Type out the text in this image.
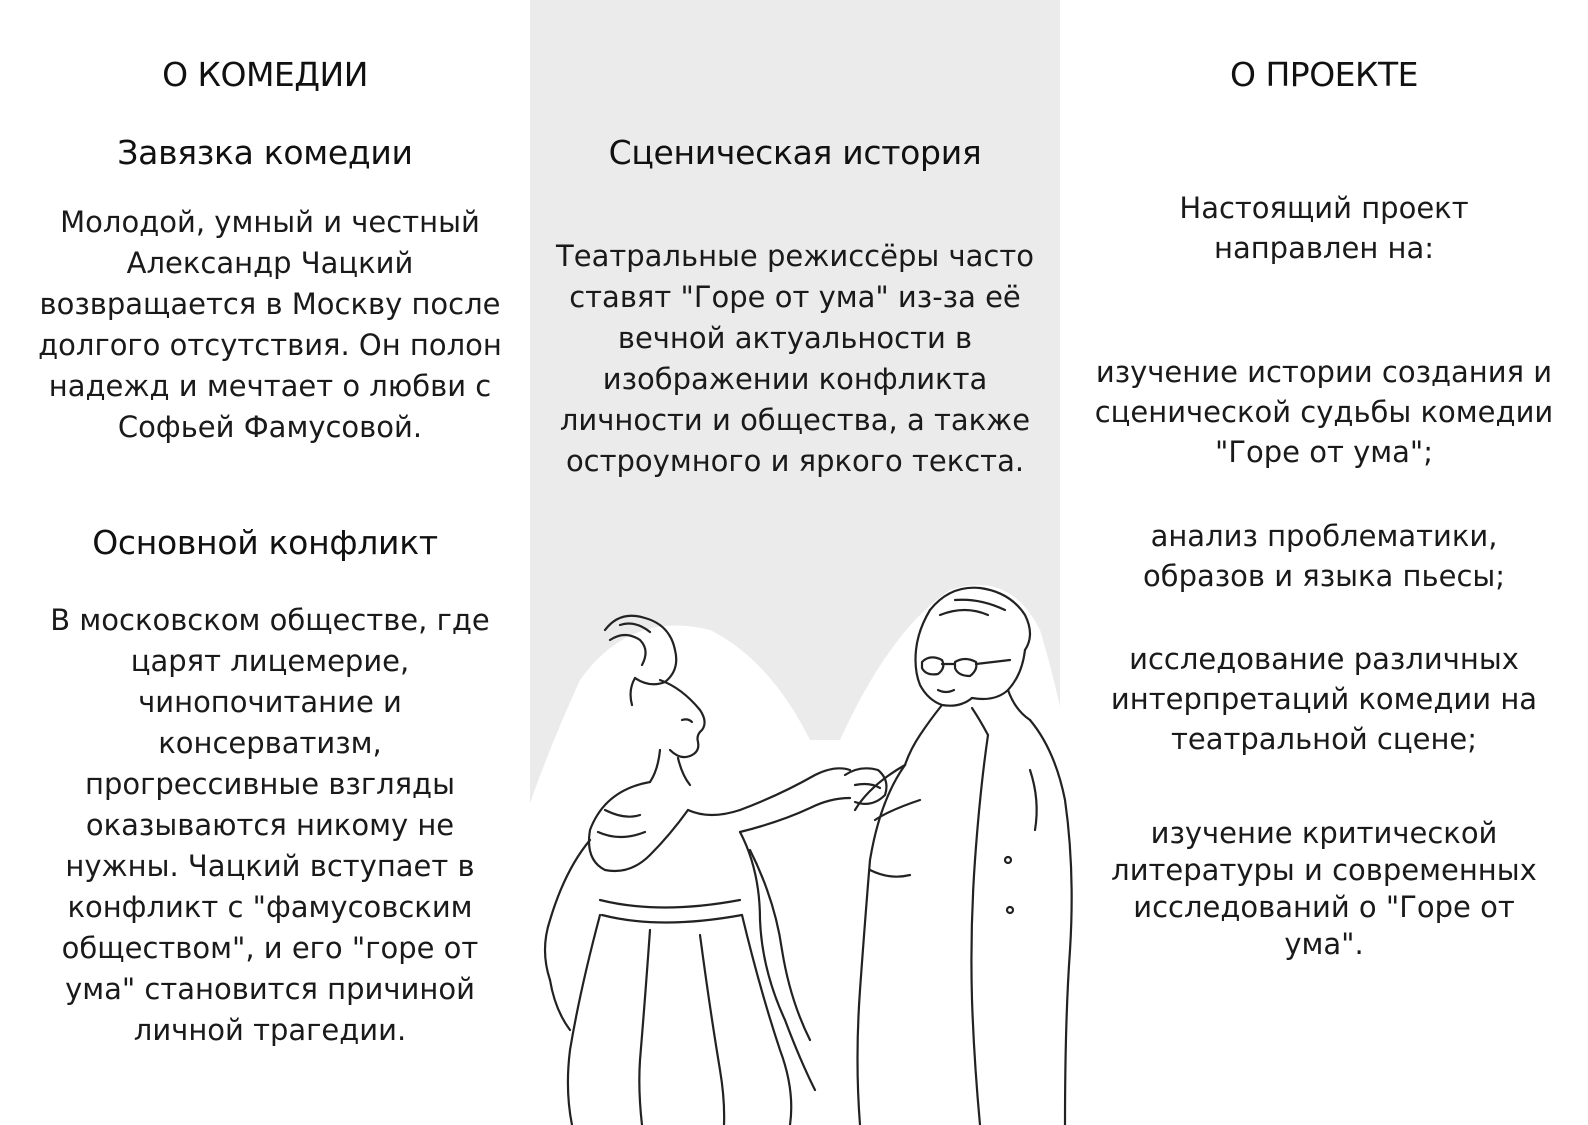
О КОМЕДИИ
Завязка комедии

Молодой, умный и честный Александр Чацкий возвращается в Москву после долгого отсутствия. Он полон надежд и мечтает о любви с Софьей Фамусовой.

Основной конфликт

В московском обществе, где царят лицемерие, чинопочитание и консерватизм, прогрессивные взгляды оказываются никому не нужны. Чацкий вступает в конфликт с "фамусовским обществом", и его "горе от ума" становится причиной личной трагедии.

Сценическая история

Театральные режиссёры часто ставят "Горе от ума" из-за её вечной актуальности в изображении конфликта личности и общества, а также остроумного и яркого текста.

О ПРОЕКТЕ

Настоящий проект направлен на:

изучение истории создания и сценической судьбы комедии "Горе от ума";

анализ проблематики, образов и языка пьесы;

исследование различных интерпретаций комедии на театральной сцене;

изучение критической литературы и современных исследований о "Горе от ума".
